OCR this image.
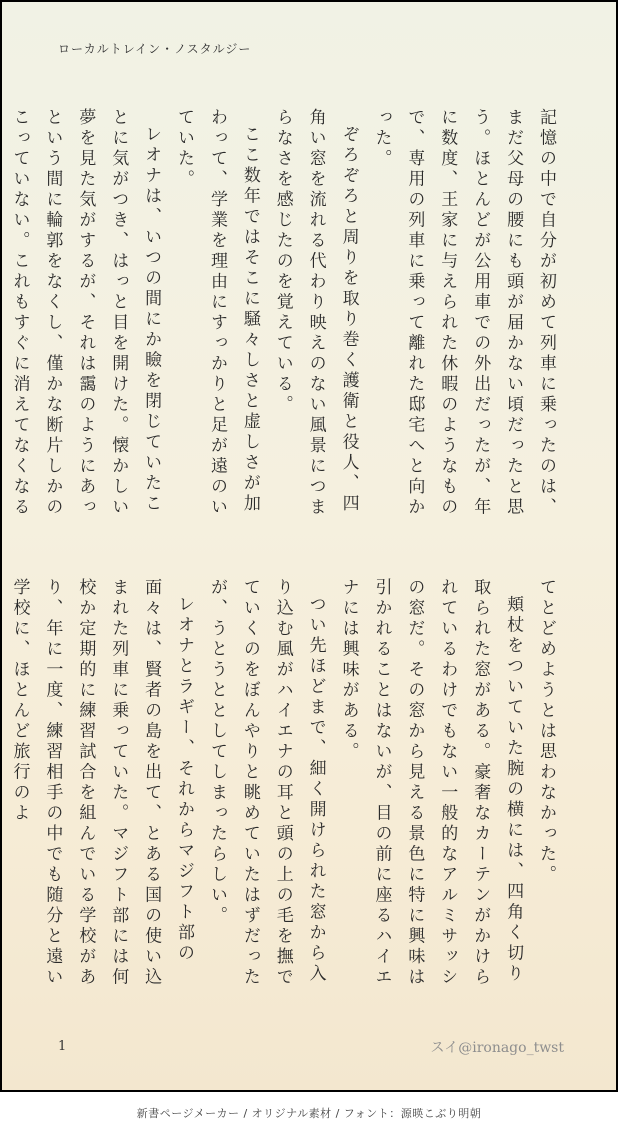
ローカルトレイン・ノスタルジー

記憶の中で自分が初めて列車に乗ったのは、まだ父母の腰にも頭が届かない頃だったと思う。ほとんどが公用車での外出だったが、年に数度、王家に与えられた休暇のようなもので、専用の列車に乗って離れた邸宅へと向かった。

ぞろぞろと周りを取り巻く護衛と役人、四角い窓を流れる代わり映えのない風景につまらなさを感じたのを覚えている。

ここ数年ではそこに騒々しさと虚しさが加わって、学業を理由にすっかりと足が遠のいていた。

レオナは、いつの間にか瞼を閉じていたことに気がつき、はっと目を開けた。懐かしい夢を見た気がするが、それは靄のようにあっという間に輪郭をなくし、僅かな断片しかのこっていない。これもすぐに消えてなくなる

てとどめようとは思わなかった。

頬杖をついていた腕の横には、四角く切り取られた窓がある。豪奢なカーテンがかけられているわけでもない一般的なアルミサッシの窓だ。その窓から見える景色に特に興味は引かれることはないが、目の前に座るハイエナには興味がある。

つい先ほどまで、細く開けられた窓から入り込む風がハイエナの耳と頭の上の毛を撫でていくのをぼんやりと眺めていたはずだったが、うとうととしてしまったらしい。

レオナとラギー、それからマジフト部の面々は、賢者の島を出て、とある国の使い込まれた列車に乗っていた。マジフト部には何校か定期的に練習試合を組んでいる学校があり、年に一度、練習相手の中でも随分と遠い学校に、ほとんど旅行のよ

1	スイ@ironago_twst
新書ページメーカー / オリジナル素材 / フォント：源暎こぶり明朝
